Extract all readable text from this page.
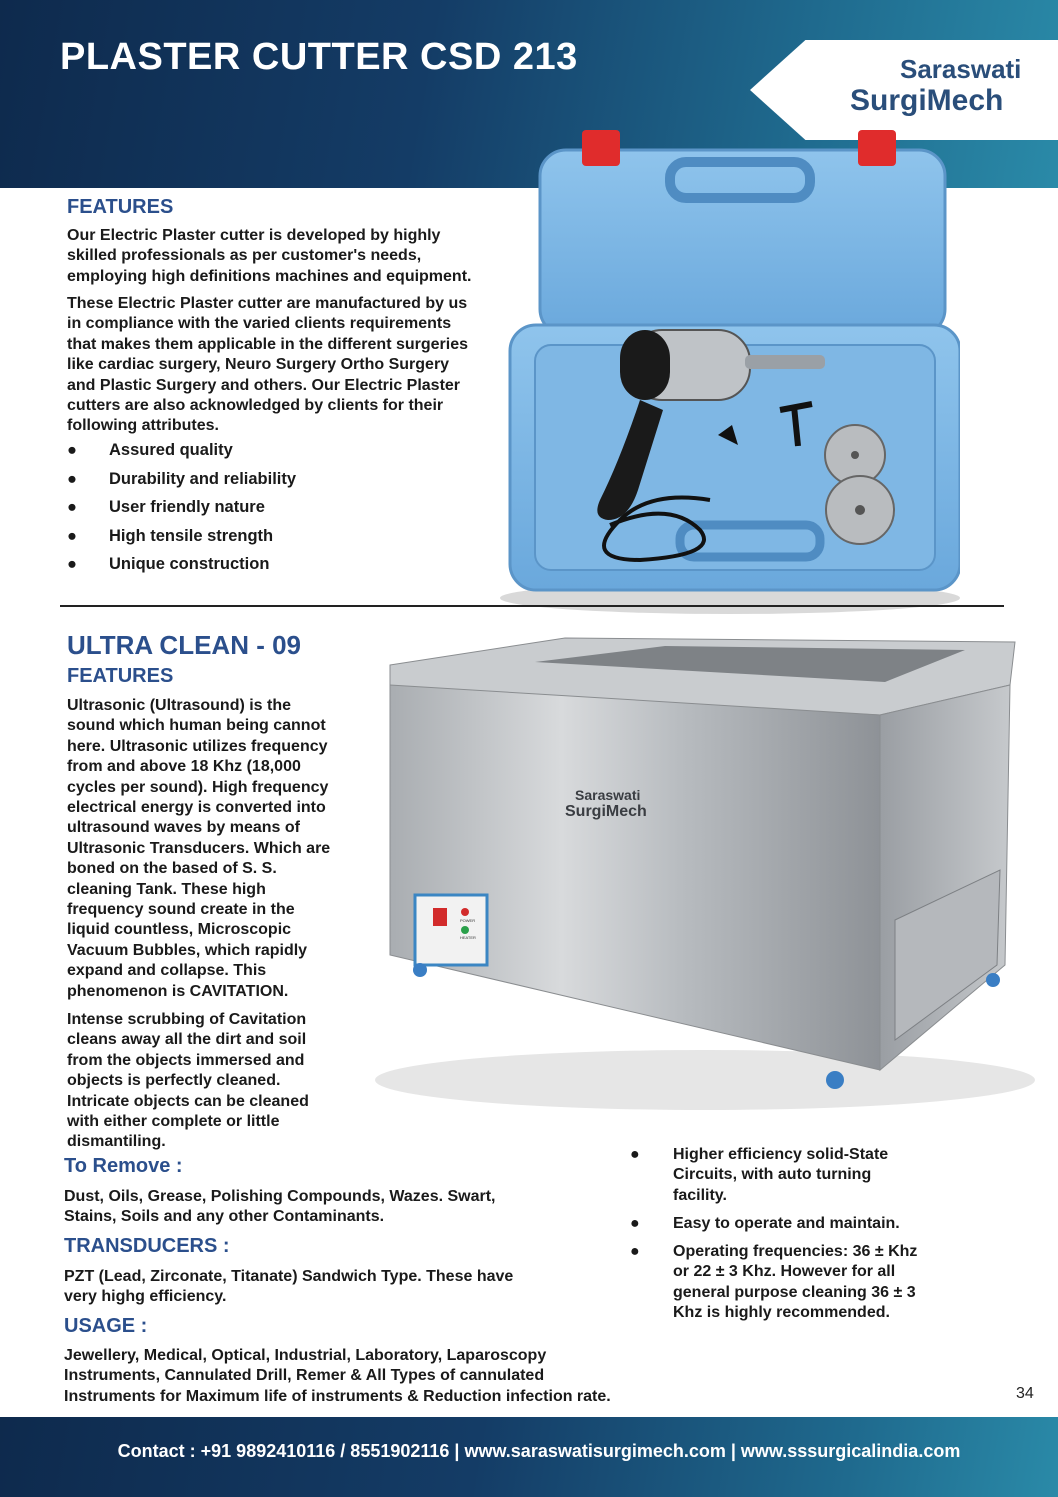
PLASTER CUTTER CSD 213	Saraswati
SurgiMech
FEATURES
Our Electric Plaster cutter is developed by highly
skilled professionals as per customer's needs,
employing high definitions machines and equipment.
These Electric Plaster cutter are manufactured by us
in compliance with the varied clients requirements
that makes them applicable in the different surgeries
like cardiac surgery, Neuro Surgery Ortho Surgery
and Plastic Surgery and others. Our Electric Plaster
cutters are also acknowledged by clients for their
following attributes.
● Assured quality
● Durability and reliability
● User friendly nature
● High tensile strength
● Unique construction
POWER
HEATER
Saraswati
SurgiMech
ULTRA CLEAN - 09
FEATURES
Ultrasonic (Ultrasound) is the
sound which human being cannot
here. Ultrasonic utilizes frequency
from and above 18 Khz (18,000
cycles per sound). High frequency
electrical energy is converted into
ultrasound waves by means of
Ultrasonic Transducers. Which are
boned on the based of S. S.
cleaning Tank. These high
frequency sound create in the
liquid countless, Microscopic
Vacuum Bubbles, which rapidly
expand and collapse. This
phenomenon is CAVITATION.
Intense scrubbing of Cavitation
cleans away all the dirt and soil
from the objects immersed and
objects is perfectly cleaned.
Intricate objects can be cleaned
with either complete or little
dismantiling.
To Remove :
Dust, Oils, Grease, Polishing Compounds, Wazes. Swart,
Stains, Soils and any other Contaminants.
TRANSDUCERS :
PZT (Lead, Zirconate, Titanate) Sandwich Type. These have
very highg efficiency.
USAGE :
Jewellery, Medical, Optical, Industrial, Laboratory, Laparoscopy
Instruments, Cannulated Drill, Remer & All Types of cannulated
Instruments for Maximum life of instruments & Reduction infection rate.
● Higher efficiency solid-State
Circuits, with auto turning
facility.
● Easy to operate and maintain.
● Operating frequencies: 36 ± Khz
or 22 ± 3 Khz. However for all
general purpose cleaning 36 ± 3
Khz is highly recommended.
34
Contact : +91 9892410116 / 8551902116 | www.saraswatisurgimech.com | www.sssurgicalindia.com
